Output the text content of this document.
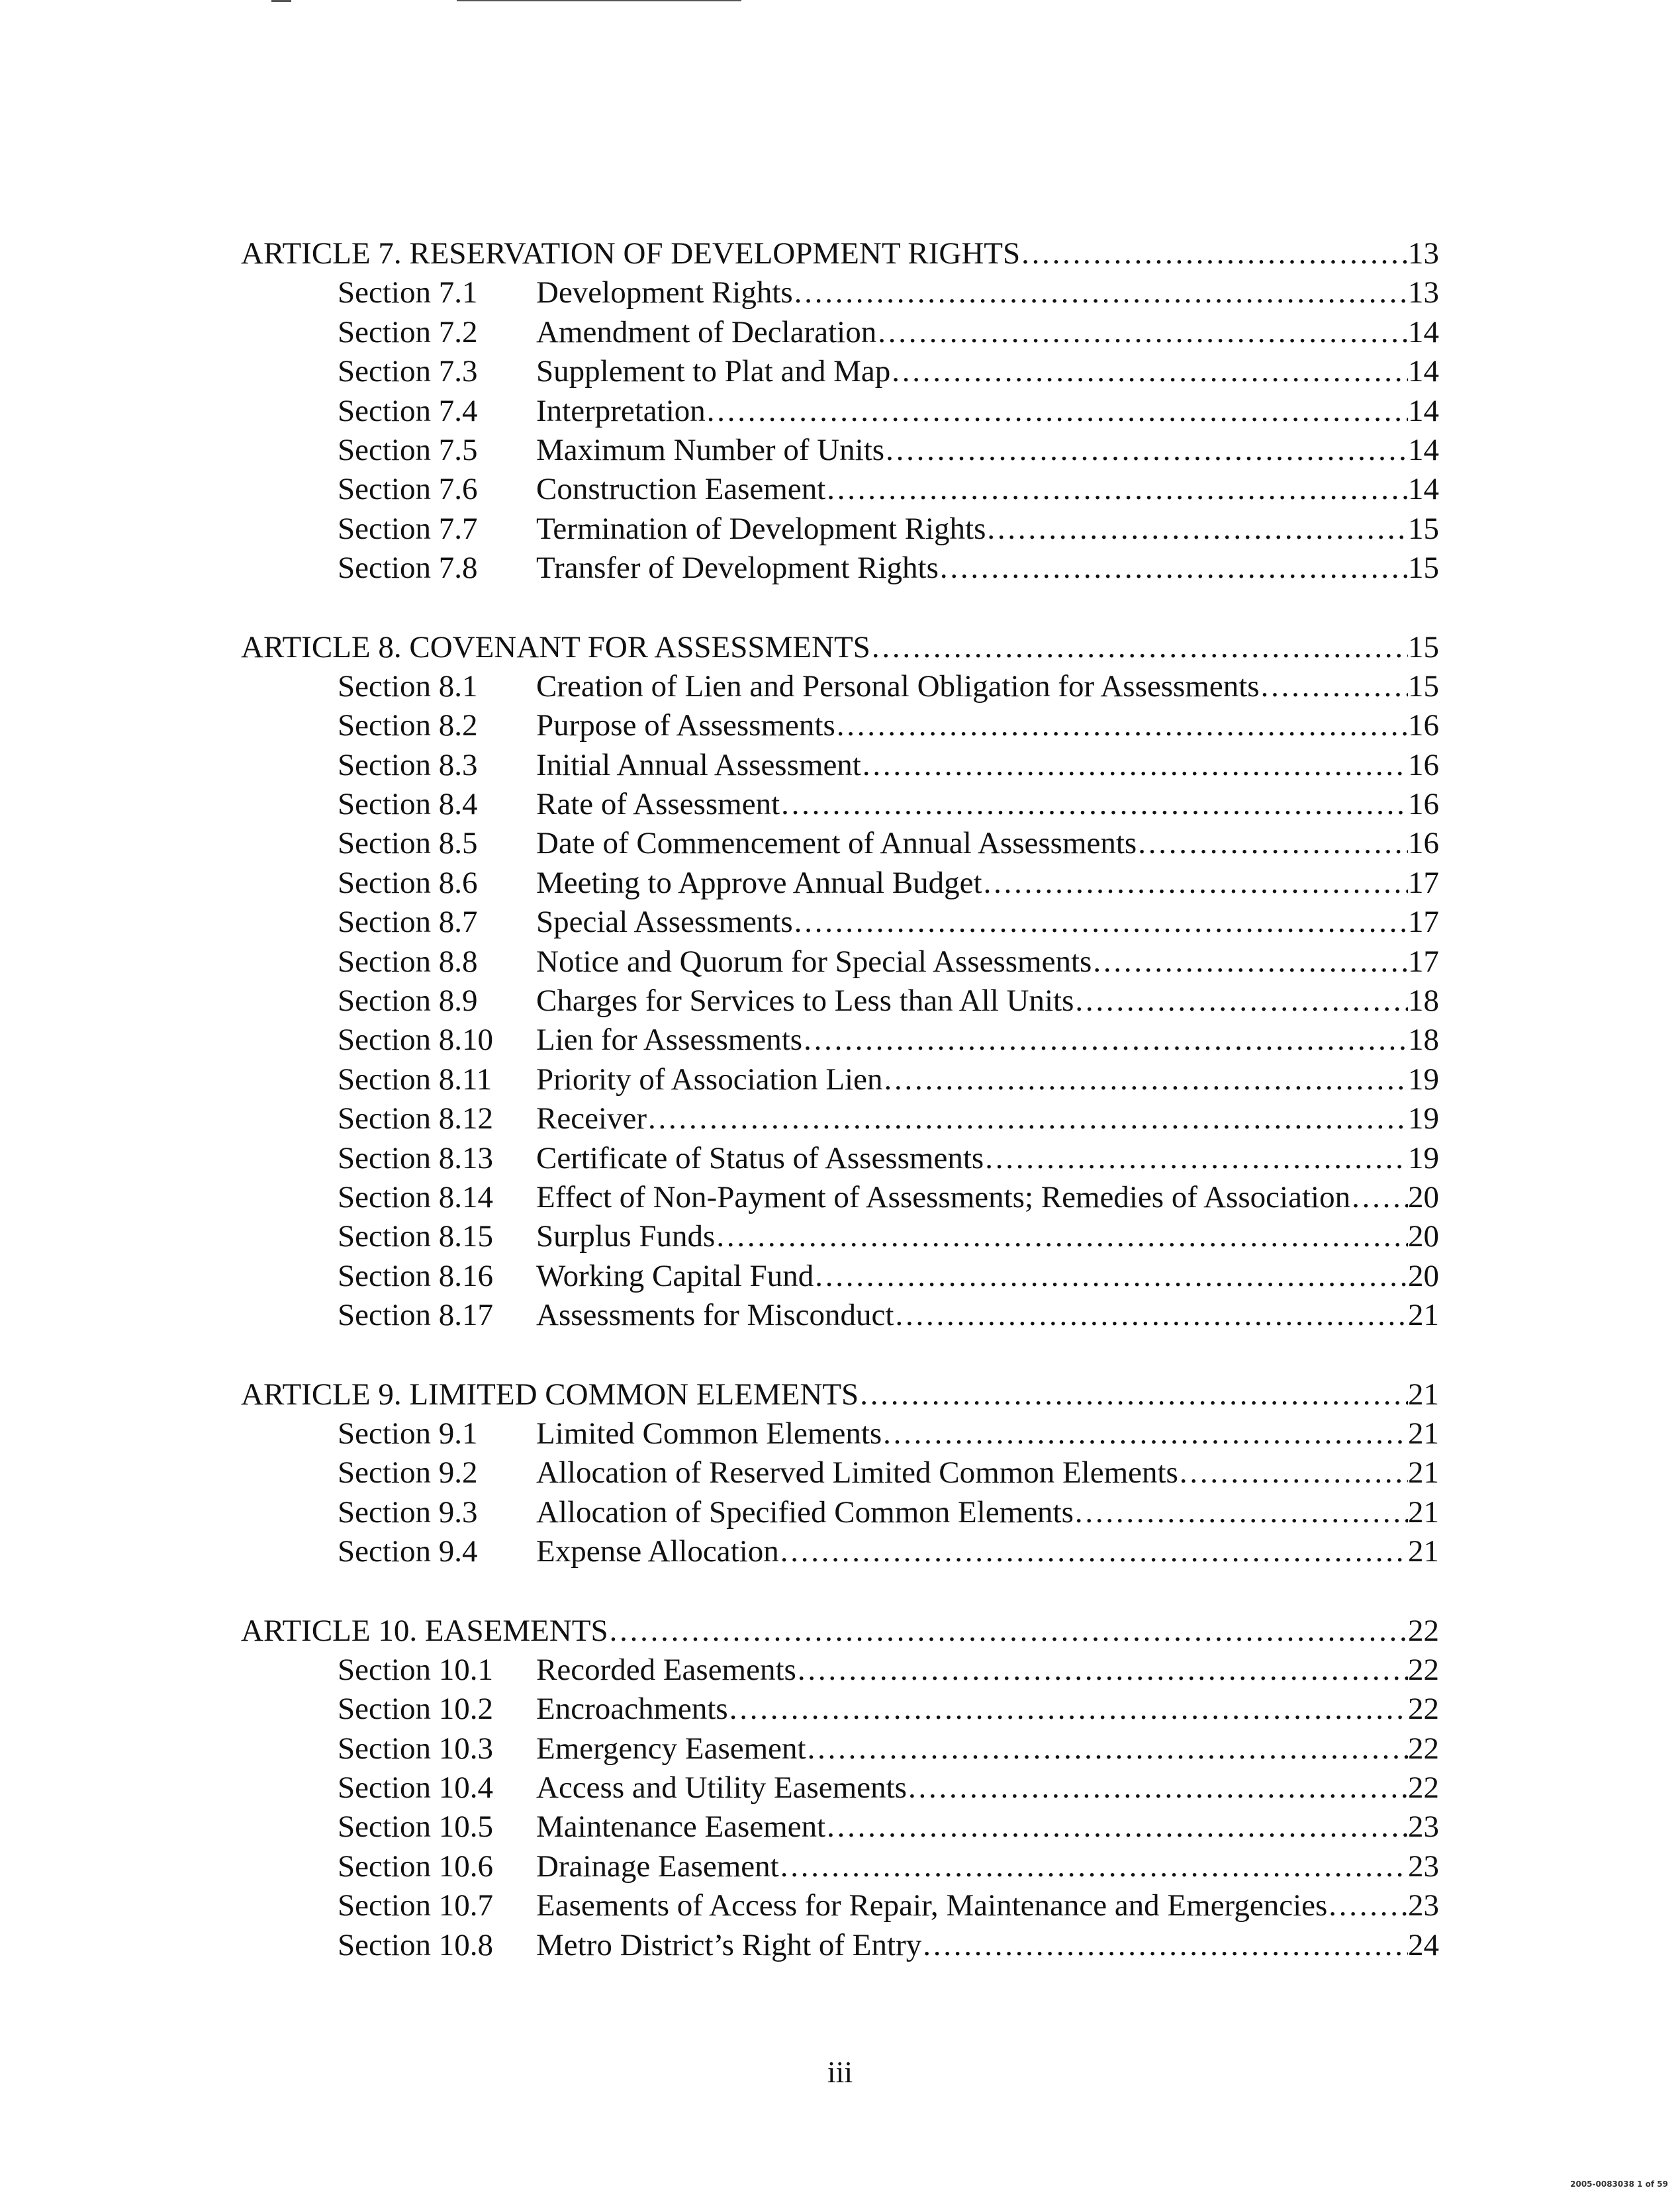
ARTICLE 7. RESERVATION OF DEVELOPMENT RIGHTS . . .	13
Section 7.1	Development Rights . . .	13
Section 7.2	Amendment of Declaration . . .	14
Section 7.3	Supplement to Plat and Map . . .	14
Section 7.4	Interpretation . . .	14
Section 7.5	Maximum Number of Units . . .	14
Section 7.6	Construction Easement . . .	14
Section 7.7	Termination of Development Rights . . .	15
Section 7.8	Transfer of Development Rights . . .	15
ARTICLE 8. COVENANT FOR ASSESSMENTS . . .	15
Section 8.1	Creation of Lien and Personal Obligation for Assessments . . .	15
Section 8.2	Purpose of Assessments . . .	16
Section 8.3	Initial Annual Assessment . . .	16
Section 8.4	Rate of Assessment . . .	16
Section 8.5	Date of Commencement of Annual Assessments . . .	16
Section 8.6	Meeting to Approve Annual Budget . . .	17
Section 8.7	Special Assessments . . .	17
Section 8.8	Notice and Quorum for Special Assessments . . .	17
Section 8.9	Charges for Services to Less than All Units . . .	18
Section 8.10	Lien for Assessments . . .	18
Section 8.11	Priority of Association Lien . . .	19
Section 8.12	Receiver . . .	19
Section 8.13	Certificate of Status of Assessments . . .	19
Section 8.14	Effect of Non-Payment of Assessments; Remedies of Association . . . 20
Section 8.15	Surplus Funds . . .	20
Section 8.16	Working Capital Fund . . .	20
Section 8.17	Assessments for Misconduct . . .	21
ARTICLE 9. LIMITED COMMON ELEMENTS . . .	21
Section 9.1	Limited Common Elements . . .	21
Section 9.2	Allocation of Reserved Limited Common Elements . . .	21
Section 9.3	Allocation of Specified Common Elements . . .	21
Section 9.4	Expense Allocation . . .	21
ARTICLE 10. EASEMENTS . . .	22
Section 10.1	Recorded Easements . . .	22
Section 10.2	Encroachments . . .	22
Section 10.3	Emergency Easement . . .	22
Section 10.4	Access and Utility Easements . . .	22
Section 10.5	Maintenance Easement . . .	23
Section 10.6	Drainage Easement . . .	23
Section 10.7	Easements of Access for Repair, Maintenance and Emergencies . . .	23
Section 10.8	Metro District’s Right of Entry . . .	24
iii
2005-0083038 1 of 59
